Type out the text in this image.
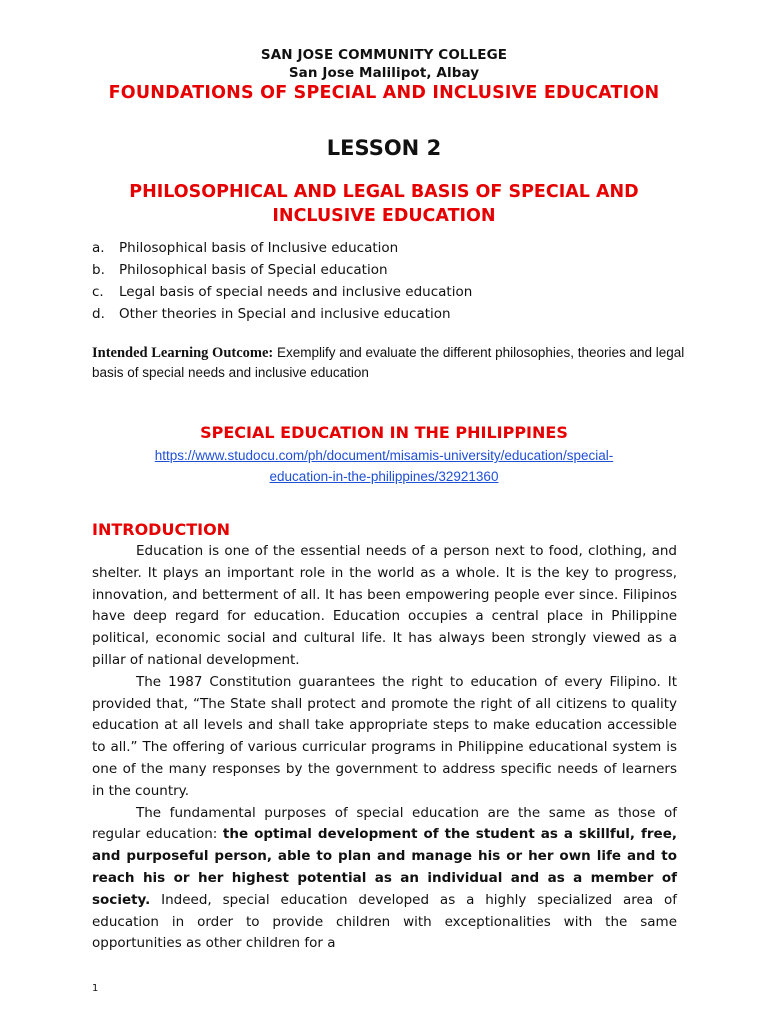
SAN JOSE COMMUNITY COLLEGE
San Jose Malilipot, Albay
FOUNDATIONS OF SPECIAL AND INCLUSIVE EDUCATION
LESSON 2
PHILOSOPHICAL AND LEGAL BASIS OF SPECIAL AND
INCLUSIVE EDUCATION
a.	Philosophical basis of Inclusive education
b.	Philosophical basis of Special education
c.	Legal basis of special needs and inclusive education
d.	Other theories in Special and inclusive education
Intended Learning Outcome: Exemplify and evaluate the different philosophies, theories and legal basis of special needs and inclusive education
SPECIAL EDUCATION IN THE PHILIPPINES
https://www.studocu.com/ph/document/misamis-university/education/special-
education-in-the-philippines/32921360
INTRODUCTION

Education is one of the essential needs of a person next to food, clothing, and shelter. It plays an important role in the world as a whole. It is the key to progress, innovation, and betterment of all. It has been empowering people ever since. Filipinos have deep regard for education. Education occupies a central place in Philippine political, economic social and cultural life. It has always been strongly viewed as a pillar of national development.

The 1987 Constitution guarantees the right to education of every Filipino. It provided that, “The State shall protect and promote the right of all citizens to quality education at all levels and shall take appropriate steps to make education accessible to all.” The offering of various curricular programs in Philippine educational system is one of the many responses by the government to address specific needs of learners in the country.

The fundamental purposes of special education are the same as those of regular education: the optimal development of the student as a skillful, free, and purposeful person, able to plan and manage his or her own life and to reach his or her highest potential as an individual and as a member of society. Indeed, special education developed as a highly specialized area of education in order to provide children with exceptionalities with the same opportunities as other children for a

1
